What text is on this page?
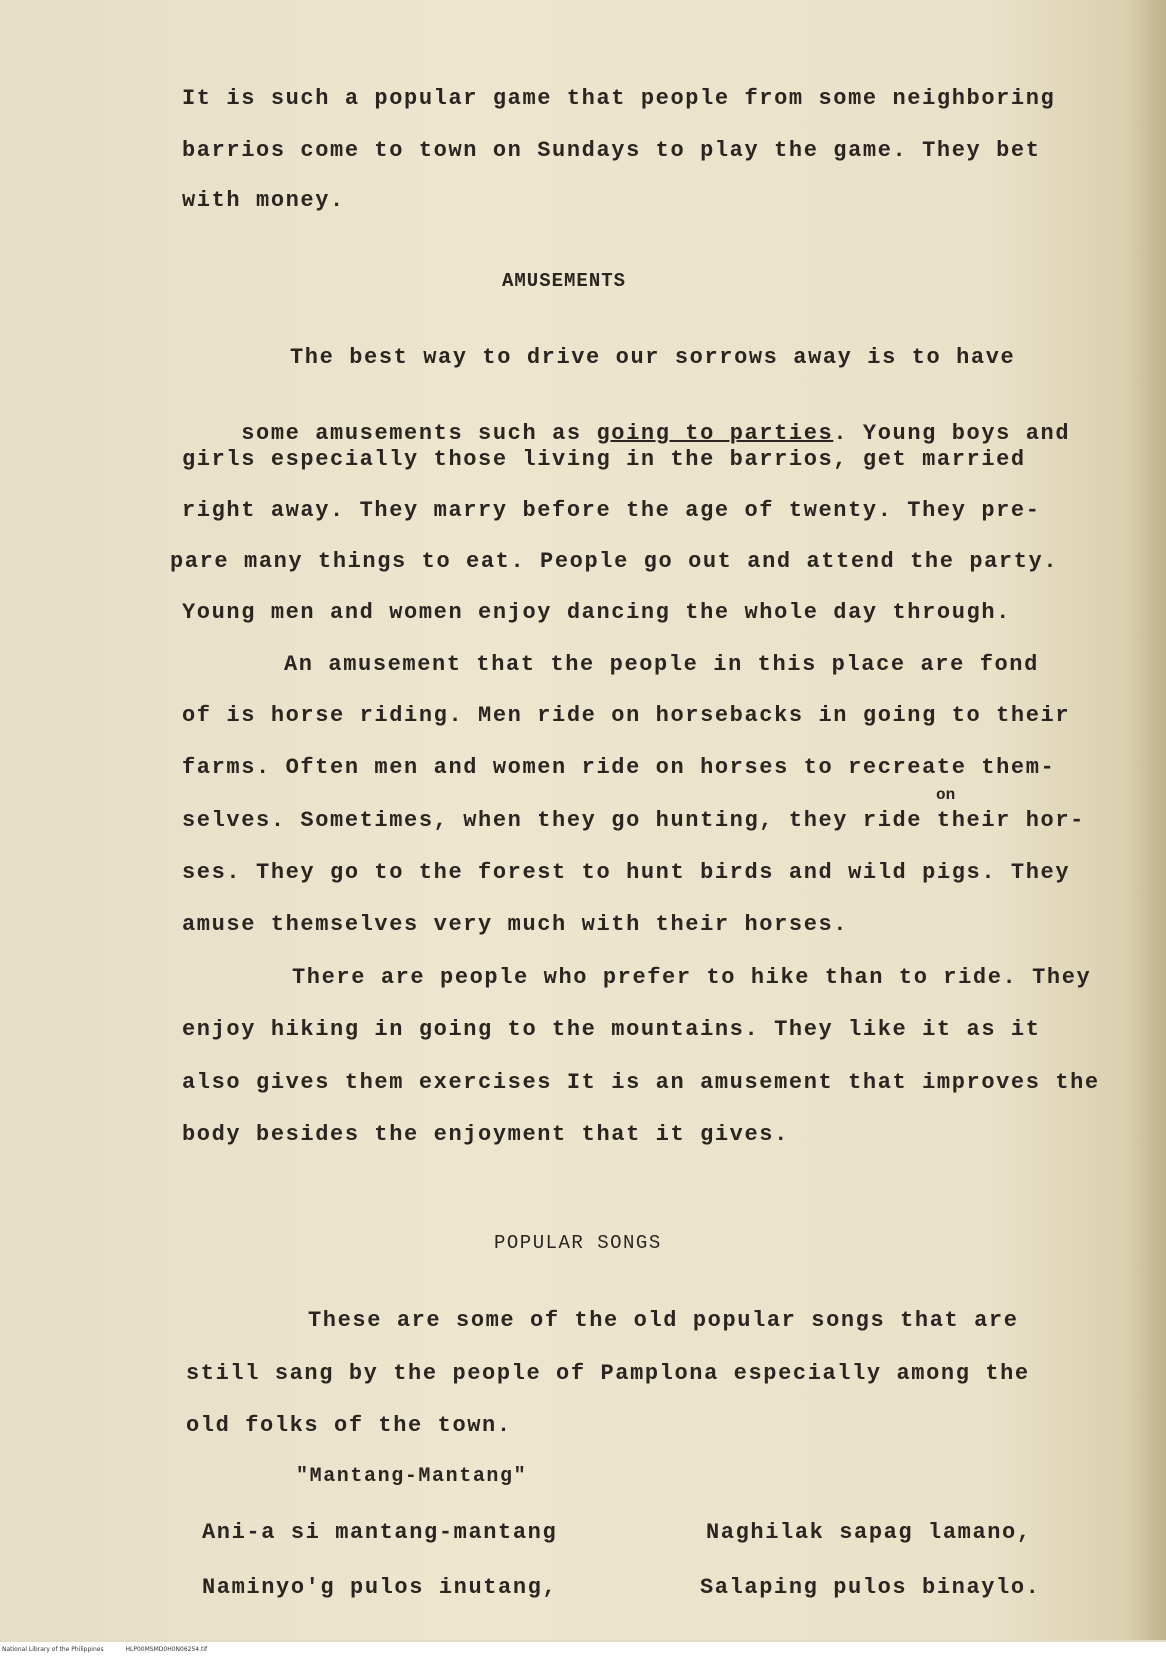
It is such a popular game that people from some neighboring
barrios come to town on Sundays to play the game. They bet
with money.
AMUSEMENTS
The best way to drive our sorrows away is to have

some amusements such as going to parties. Young boys and

girls especially those living in the barrios, get married
right away. They marry before the age of twenty. They pre-
pare many things to eat. People go out and attend the party.
Young men and women enjoy dancing the whole day through.
An amusement that the people in this place are fond
of is horse riding. Men ride on horsebacks in going to their
farms. Often men and women ride on horses to recreate them-
on
selves. Sometimes, when they go hunting, they ride their hor-
ses. They go to the forest to hunt birds and wild pigs. They
amuse themselves very much with their horses.
There are people who prefer to hike than to ride. They
enjoy hiking in going to the mountains. They like it as it
also gives them exercises It is an amusement that improves the
body besides the enjoyment that it gives.
POPULAR SONGS
These are some of the old popular songs that are
still sang by the people of Pamplona especially among the
old folks of the town.
"Mantang-Mantang"
Ani-a si mantang-mantang
Naminyo'g pulos inutang,
Naghilak sapag lamano,
Salaping pulos binaylo.
National Library of the Philippines	HLP00MSMD0H0N06254.tif
